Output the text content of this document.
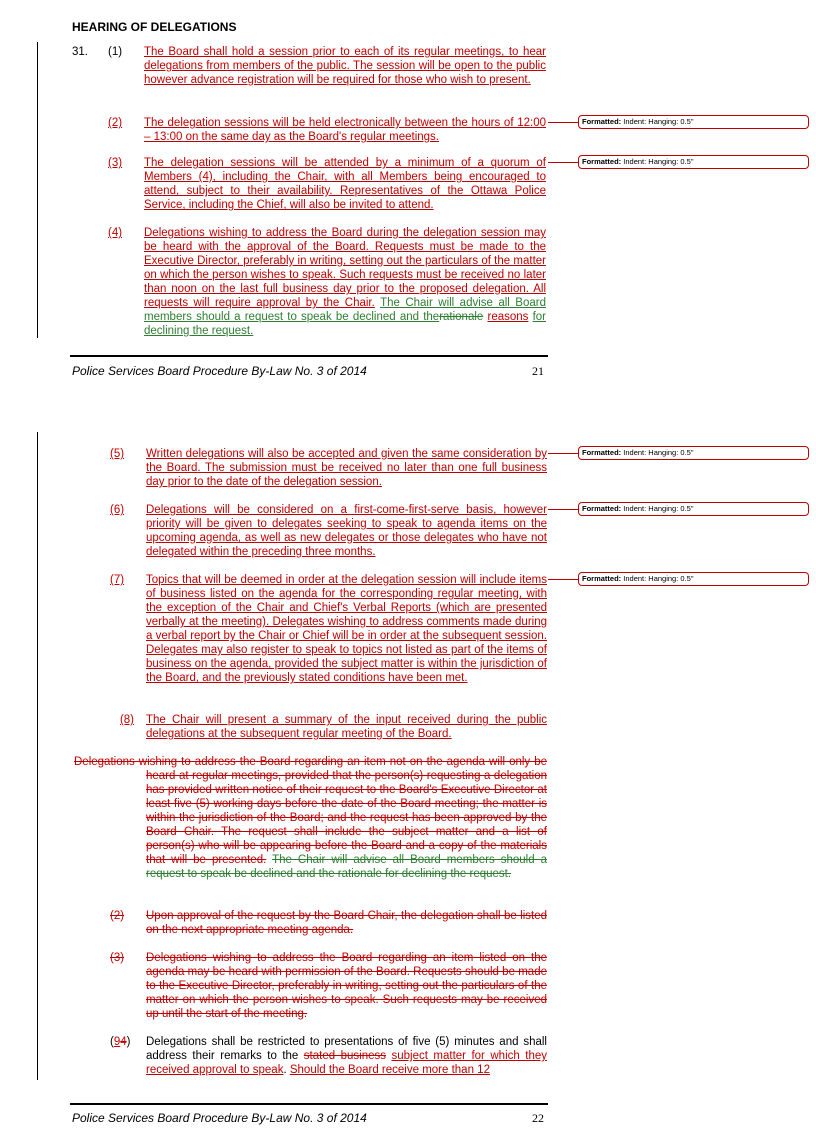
HEARING OF DELEGATIONS
31. (1) The Board shall hold a session prior to each of its regular meetings, to hear delegations from members of the public. The session will be open to the public however advance registration will be required for those who wish to present.
(2) The delegation sessions will be held electronically between the hours of 12:00 – 13:00 on the same day as the Board's regular meetings.
(3) The delegation sessions will be attended by a minimum of a quorum of Members (4), including the Chair, with all Members being encouraged to attend, subject to their availability. Representatives of the Ottawa Police Service, including the Chief, will also be invited to attend.
(4) Delegations wishing to address the Board during the delegation session may be heard with the approval of the Board. Requests must be made to the Executive Director, preferably in writing, setting out the particulars of the matter on which the person wishes to speak. Such requests must be received no later than noon on the last full business day prior to the proposed delegation. All requests will require approval by the Chair. The Chair will advise all Board members should a request to speak be declined and therationale reasons for declining the request.
Police Services Board Procedure By-Law No. 3 of 2014	21
(5) Written delegations will also be accepted and given the same consideration by the Board. The submission must be received no later than one full business day prior to the date of the delegation session.
(6) Delegations will be considered on a first-come-first-serve basis, however priority will be given to delegates seeking to speak to agenda items on the upcoming agenda, as well as new delegates or those delegates who have not delegated within the preceding three months.
(7) Topics that will be deemed in order at the delegation session will include items of business listed on the agenda for the corresponding regular meeting, with the exception of the Chair and Chief's Verbal Reports (which are presented verbally at the meeting). Delegates wishing to address comments made during a verbal report by the Chair or Chief will be in order at the subsequent session. Delegates may also register to speak to topics not listed as part of the items of business on the agenda, provided the subject matter is within the jurisdiction of the Board, and the previously stated conditions have been met.
(8) The Chair will present a summary of the input received during the public delegations at the subsequent regular meeting of the Board.
Delegations wishing to address the Board regarding an item not on the agenda will only be heard at regular meetings, provided that the person(s) requesting a delegation has provided written notice of their request to the Board's Executive Director at least five (5) working days before the date of the Board meeting; the matter is within the jurisdiction of the Board; and the request has been approved by the Board Chair. The request shall include the subject matter and a list of person(s) who will be appearing before the Board and a copy of the materials that will be presented. The Chair will advise all Board members should a request to speak be declined and the rationale for declining the request.
(2) Upon approval of the request by the Board Chair, the delegation shall be listed on the next appropriate meeting agenda.
(3) Delegations wishing to address the Board regarding an item listed on the agenda may be heard with permission of the Board. Requests should be made to the Executive Director, preferably in writing, setting out the particulars of the matter on which the person wishes to speak. Such requests may be received up until the start of the meeting.
(94) Delegations shall be restricted to presentations of five (5) minutes and shall address their remarks to the stated business subject matter for which they received approval to speak. Should the Board receive more than 12
Police Services Board Procedure By-Law No. 3 of 2014	22
Formatted: Indent: Hanging: 0.5"
Formatted: Indent: Hanging: 0.5"
Formatted: Indent: Hanging: 0.5"
Formatted: Indent: Hanging: 0.5"
Formatted: Indent: Hanging: 0.5"
